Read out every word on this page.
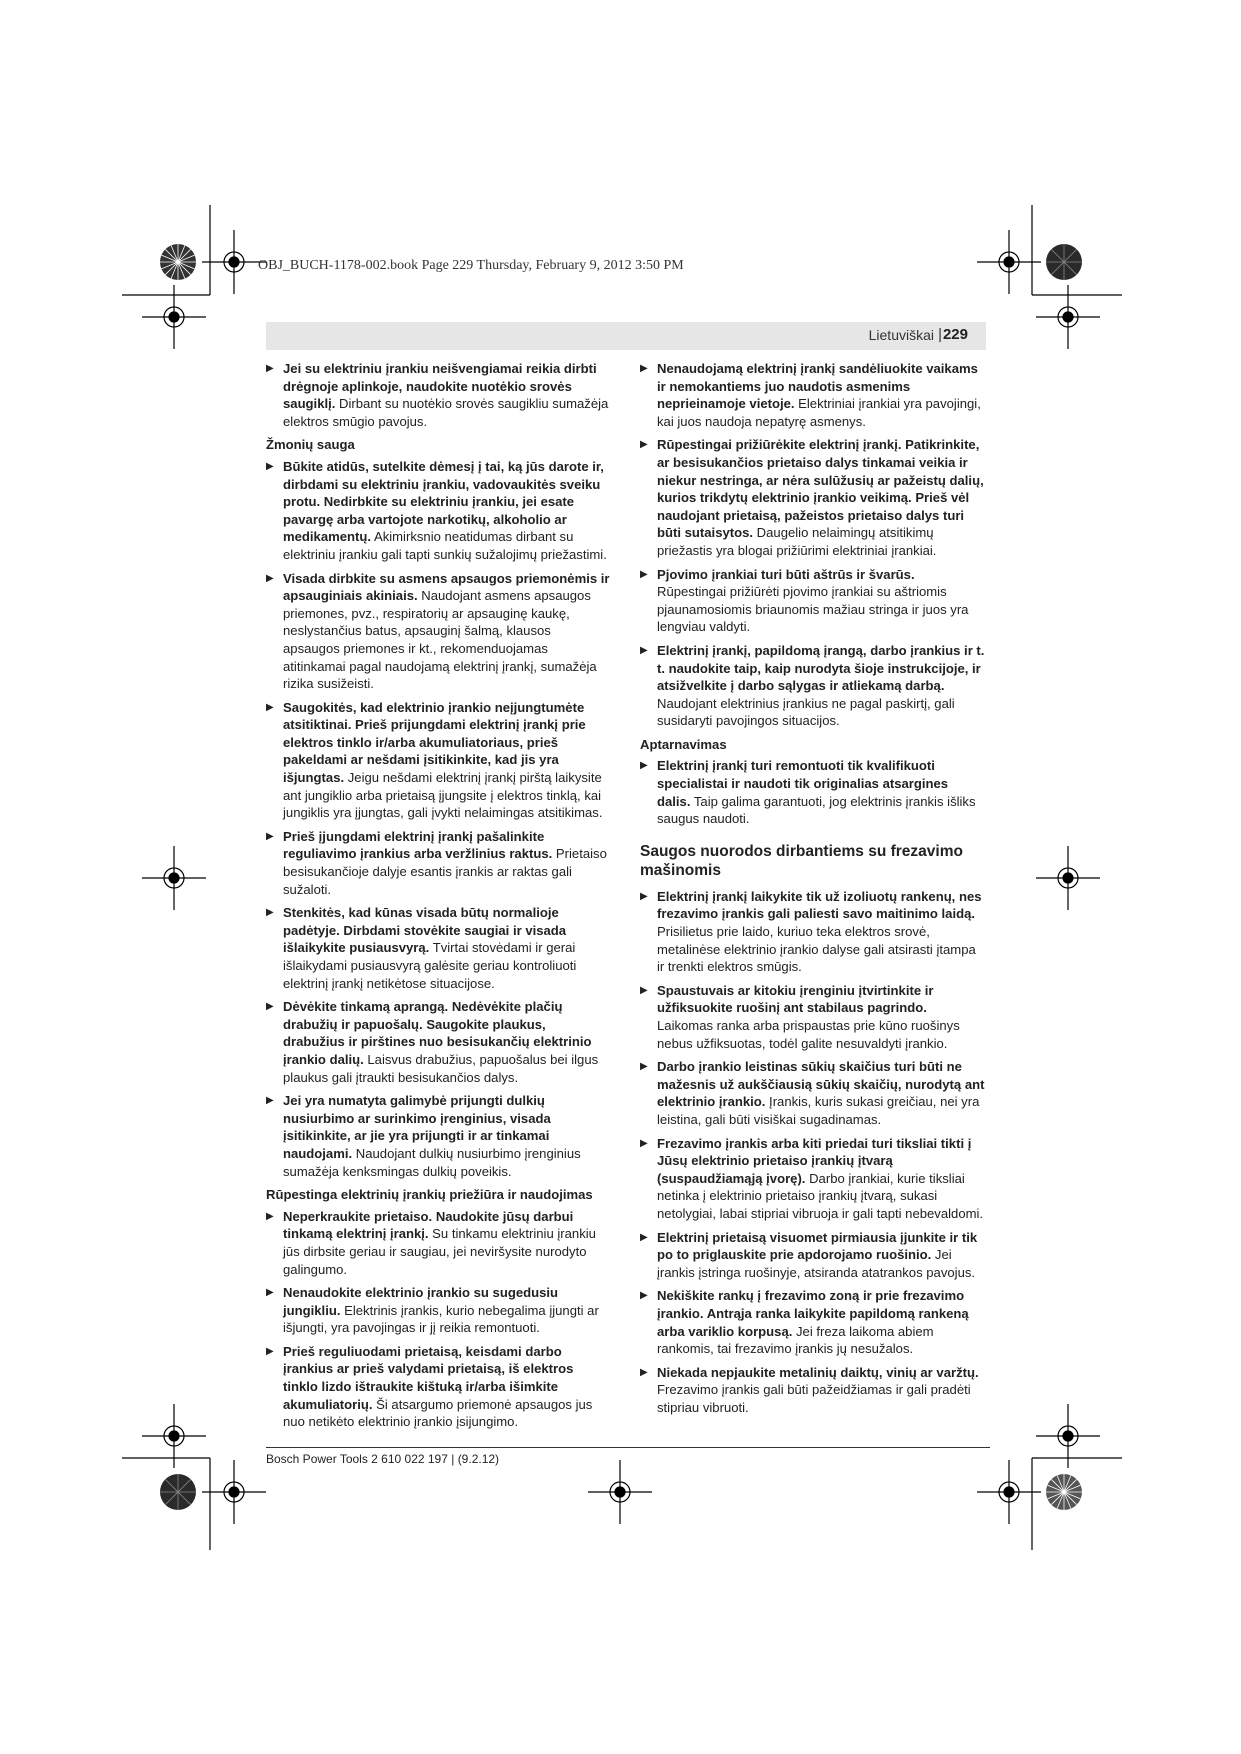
OBJ_BUCH-1178-002.book Page 229 Thursday, February 9, 2012 3:50 PM
Lietuviškai | 229
▶ Jei su elektriniu įrankiu neišvengiamai reikia dirbti drėgnoje aplinkoje, naudokite nuotėkio srovės saugiklį. Dirbant su nuotėkio srovės saugikliu sumažėja elektros smūgio pavojus.
Žmonių sauga
▶ Būkite atidūs, sutelkite dėmesį į tai, ką jūs darote ir, dirbdami su elektriniu įrankiu, vadovaukitės sveiku protu. Nedirbkite su elektriniu įrankiu, jei esate pavargę arba vartojote narkotikų, alkoholio ar medikamentų. Akimirksnio neatidumas dirbant su elektriniu įrankiu gali tapti sunkių sužalojimų priežastimi.
▶ Visada dirbkite su asmens apsaugos priemonėmis ir apsauginiais akiniais. Naudojant asmens apsaugos priemones, pvz., respiratorių ar apsauginę kaukę, neslystančius batus, apsauginį šalmą, klausos apsaugos priemones ir kt., rekomenduojamas atitinkamai pagal naudojamą elektrinį įrankį, sumažėja rizika susižeisti.
▶ Saugokitės, kad elektrinio įrankio neįjungtumėte atsitiktinai. Prieš prijungdami elektrinį įrankį prie elektros tinklo ir/arba akumuliatoriaus, prieš pakeldami ar nešdami įsitikinkite, kad jis yra išjungtas. Jeigu nešdami elektrinį įrankį pirštą laikysite ant jungiklio arba prietaisą įjungsite į elektros tinklą, kai jungiklis yra įjungtas, gali įvykti nelaimingas atsitikimas.
▶ Prieš įjungdami elektrinį įrankį pašalinkite reguliavimo įrankius arba veržlinius raktus. Prietaiso besisukančioje dalyje esantis įrankis ar raktas gali sužaloti.
▶ Stenkitės, kad kūnas visada būtų normalioje padėtyje. Dirbdami stovėkite saugiai ir visada išlaikykite pusiausvyrą. Tvirtai stovėdami ir gerai išlaikydami pusiausvyrą galėsite geriau kontroliuoti elektrinį įrankį netikėtose situacijose.
▶ Dėvėkite tinkamą aprangą. Nedėvėkite plačių drabužių ir papuošalų. Saugokite plaukus, drabužius ir pirštines nuo besisukančių elektrinio įrankio dalių. Laisvus drabužius, papuošalus bei ilgus plaukus gali įtraukti besisukančios dalys.
▶ Jei yra numatyta galimybė prijungti dulkių nusiurbimo ar surinkimo įrenginius, visada įsitikinkite, ar jie yra prijungti ir ar tinkamai naudojami. Naudojant dulkių nusiurbimo įrenginius sumažėja kenksmingas dulkių poveikis.
Rūpestinga elektrinių įrankių priežiūra ir naudojimas
▶ Neperkraukite prietaiso. Naudokite jūsų darbui tinkamą elektrinį įrankį. Su tinkamu elektriniu įrankiu jūs dirbsite geriau ir saugiau, jei neviršysite nurodyto galingumo.
▶ Nenaudokite elektrinio įrankio su sugedusiu jungikliu. Elektrinis įrankis, kurio nebegalima įjungti ar išjungti, yra pavojingas ir jį reikia remontuoti.
▶ Prieš reguliuodami prietaisą, keisdami darbo įrankius ar prieš valydami prietaisą, iš elektros tinklo lizdo ištraukite kištuką ir/arba išimkite akumuliatorių. Ši atsargumo priemonė apsaugos jus nuo netikėto elektrinio įrankio įsijungimo.
▶ Nenaudojamą elektrinį įrankį sandėliuokite vaikams ir nemokantiems juo naudotis asmenims neprieinamoje vietoje. Elektriniai įrankiai yra pavojingi, kai juos naudoja nepatyrę asmenys.
▶ Rūpestingai prižiūrėkite elektrinį įrankį. Patikrinkite, ar besisukančios prietaiso dalys tinkamai veikia ir niekur nestringa, ar nėra sulūžusių ar pažeistų dalių, kurios trikdytų elektrinio įrankio veikimą. Prieš vėl naudojant prietaisą, pažeistos prietaiso dalys turi būti sutaisytos. Daugelio nelaimingų atsitikimų priežastis yra blogai prižiūrimi elektriniai įrankiai.
▶ Pjovimo įrankiai turi būti aštrūs ir švarūs. Rūpestingai prižiūrėti pjovimo įrankiai su aštriomis pjaunamosiomis briaunomis mažiau stringa ir juos yra lengviau valdyti.
▶ Elektrinį įrankį, papildomą įrangą, darbo įrankius ir t. t. naudokite taip, kaip nurodyta šioje instrukcijoje, ir atsižvelkite į darbo sąlygas ir atliekamą darbą. Naudojant elektrinius įrankius ne pagal paskirtį, gali susidaryti pavojingos situacijos.
Aptarnavimas
▶ Elektrinį įrankį turi remontuoti tik kvalifikuoti specialistai ir naudoti tik originalias atsargines dalis. Taip galima garantuoti, jog elektrinis įrankis išliks saugus naudoti.
Saugos nuorodos dirbantiems su frezavimo mašinomis
▶ Elektrinį įrankį laikykite tik už izoliuotų rankenų, nes frezavimo įrankis gali paliesti savo maitinimo laidą. Prisilietus prie laido, kuriuo teka elektros srovė, metalinėse elektrinio įrankio dalyse gali atsirasti įtampa ir trenkti elektros smūgis.
▶ Spaustuvais ar kitokiu įrenginiu įtvirtinkite ir užfiksuokite ruošinį ant stabilaus pagrindo. Laikomas ranka arba prispaustas prie kūno ruošinys nebus užfiksuotas, todėl galite nesuvaldyti įrankio.
▶ Darbo įrankio leistinas sūkių skaičius turi būti ne mažesnis už aukščiausią sūkių skaičių, nurodytą ant elektrinio įrankio. Įrankis, kuris sukasi greičiau, nei yra leistina, gali būti visiškai sugadinamas.
▶ Frezavimo įrankis arba kiti priedai turi tiksliai tikti į Jūsų elektrinio prietaiso įrankių įtvarą (suspaudžiamąją įvorę). Darbo įrankiai, kurie tiksliai netinka į elektrinio prietaiso įrankių įtvarą, sukasi netolygiai, labai stipriai vibruoja ir gali tapti nebevaldomi.
▶ Elektrinį prietaisą visuomet pirmiausia įjunkite ir tik po to priglauskite prie apdorojamo ruošinio. Jei įrankis įstringa ruošinyje, atsiranda atatrankos pavojus.
▶ Nekiškite rankų į frezavimo zoną ir prie frezavimo įrankio. Antrąja ranka laikykite papildomą rankeną arba variklio korpusą. Jei freza laikoma abiem rankomis, tai frezavimo įrankis jų nesužalos.
▶ Niekada nepjaukite metalinių daiktų, vinių ar varžtų. Frezavimo įrankis gali būti pažeidžiamas ir gali pradėti stipriau vibruoti.
Bosch Power Tools 2 610 022 197 | (9.2.12)
